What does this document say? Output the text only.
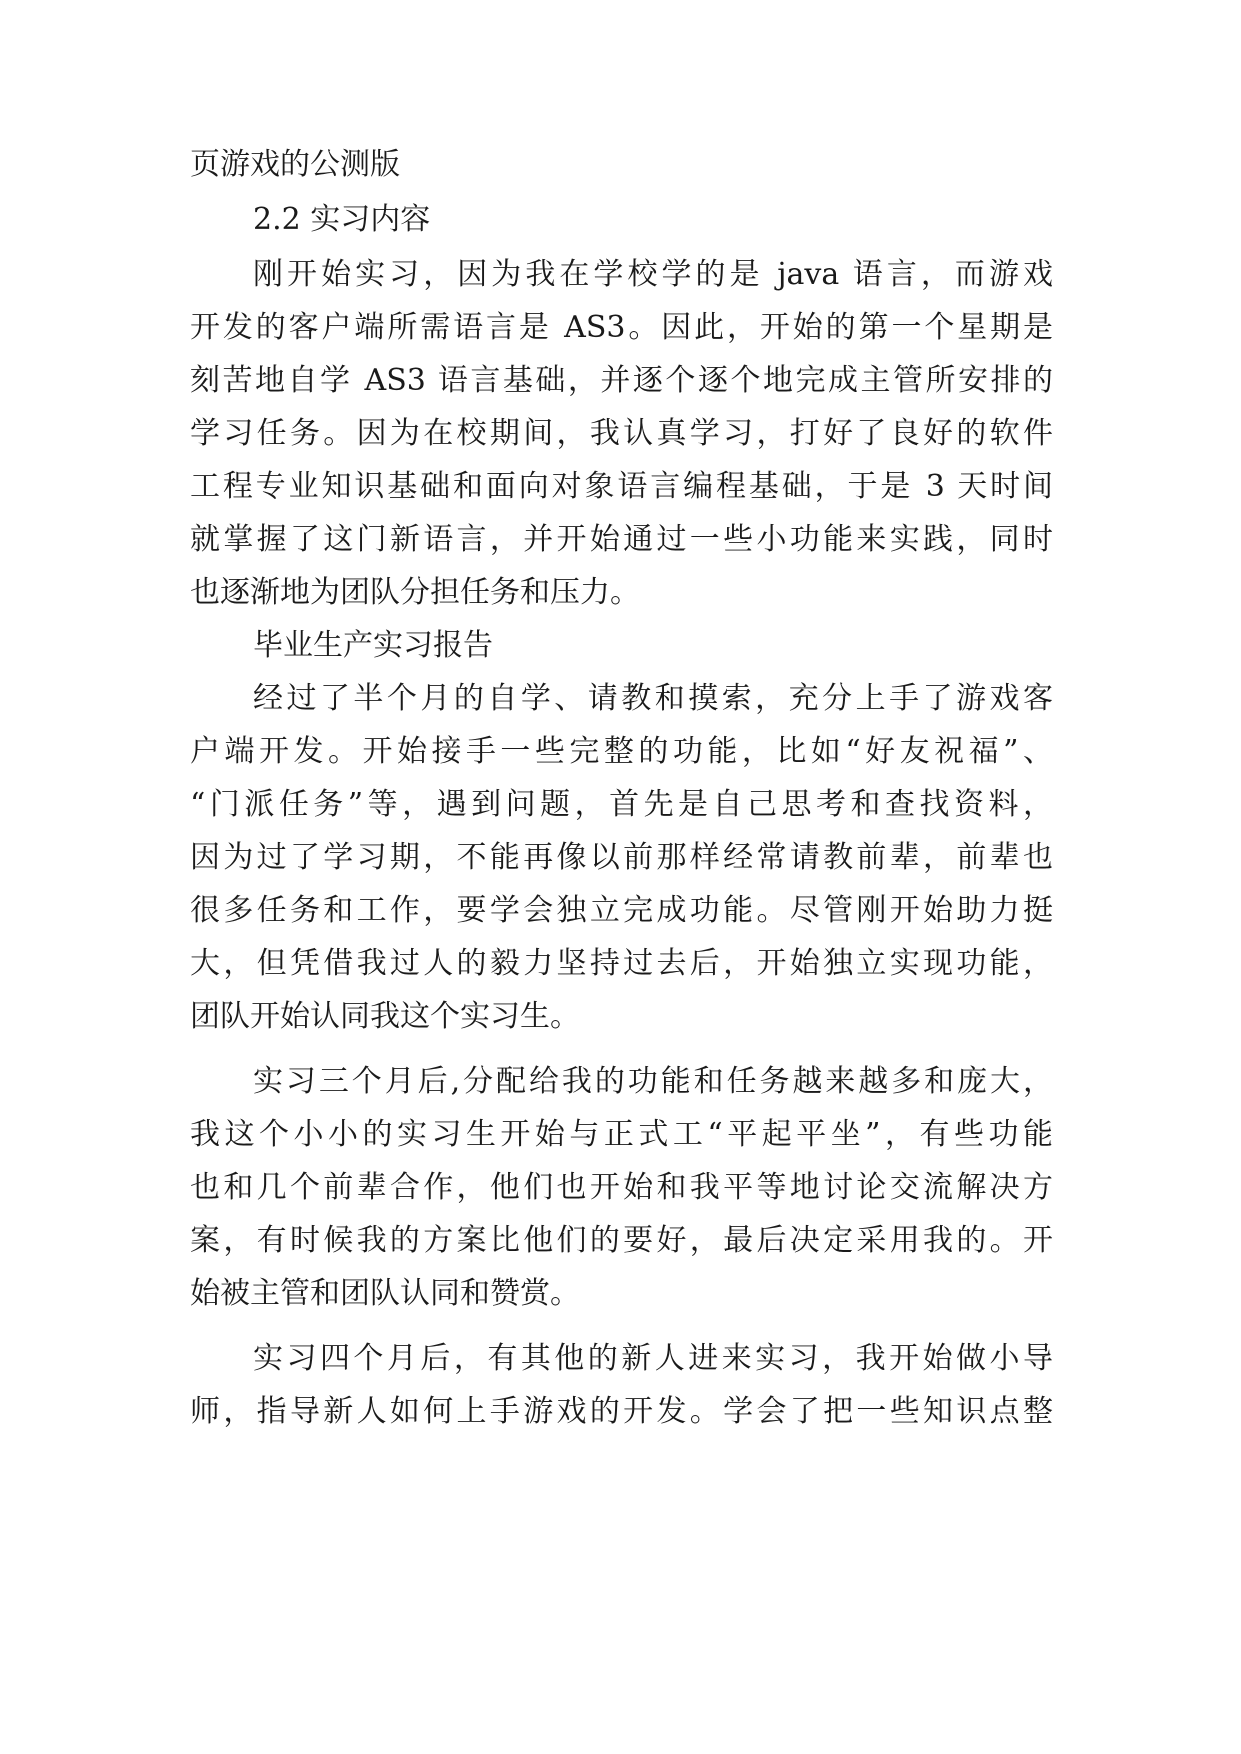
页游戏的公测版
2.2 实习内容
刚开始实习，因为我在学校学的是 java 语言，而游戏
开发的客户端所需语言是 AS3。因此，开始的第一个星期是
刻苦地自学 AS3 语言基础，并逐个逐个地完成主管所安排的
学习任务。因为在校期间，我认真学习，打好了良好的软件
工程专业知识基础和面向对象语言编程基础，于是 3 天时间
就掌握了这门新语言，并开始通过一些小功能来实践，同时
也逐渐地为团队分担任务和压力。
毕业生产实习报告
经过了半个月的自学、请教和摸索，充分上手了游戏客
户端开发。开始接手一些完整的功能，比如“好友祝福”、
“门派任务”等，遇到问题，首先是自己思考和查找资料，
因为过了学习期，不能再像以前那样经常请教前辈，前辈也
很多任务和工作，要学会独立完成功能。尽管刚开始助力挺
大，但凭借我过人的毅力坚持过去后，开始独立实现功能，
团队开始认同我这个实习生。
实习三个月后,分配给我的功能和任务越来越多和庞大，
我这个小小的实习生开始与正式工“平起平坐”，有些功能
也和几个前辈合作，他们也开始和我平等地讨论交流解决方
案，有时候我的方案比他们的要好，最后决定采用我的。开
始被主管和团队认同和赞赏。
实习四个月后，有其他的新人进来实习，我开始做小导
师，指导新人如何上手游戏的开发。学会了把一些知识点整
